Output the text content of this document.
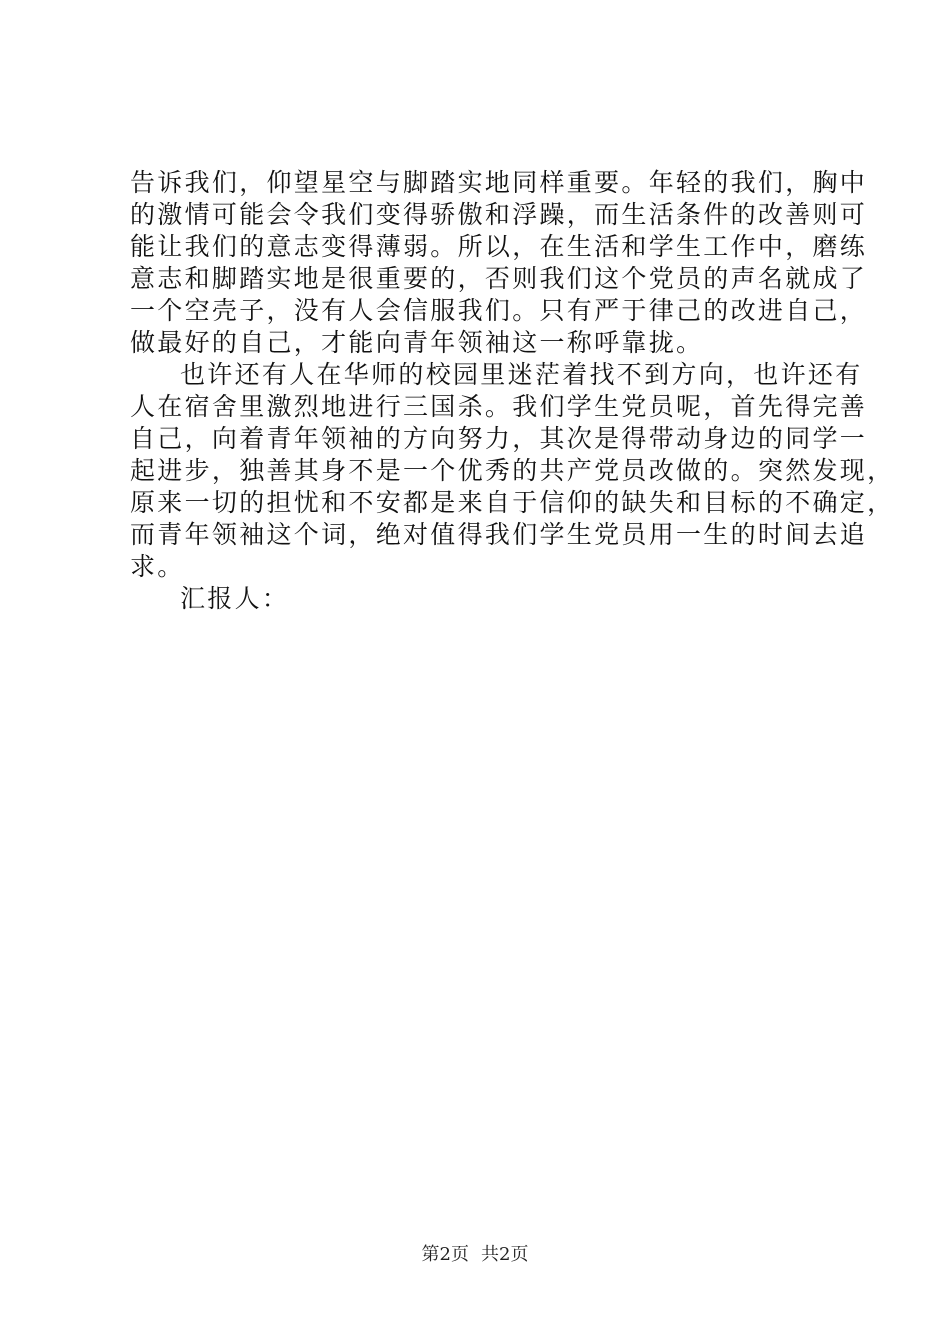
告诉我们，仰望星空与脚踏实地同样重要。年轻的我们，胸中
的激情可能会令我们变得骄傲和浮躁，而生活条件的改善则可
能让我们的意志变得薄弱。所以，在生活和学生工作中，磨练
意志和脚踏实地是很重要的，否则我们这个党员的声名就成了
一个空壳子，没有人会信服我们。只有严于律己的改进自己，
做最好的自己，才能向青年领袖这一称呼靠拢。
也许还有人在华师的校园里迷茫着找不到方向，也许还有
人在宿舍里激烈地进行三国杀。我们学生党员呢，首先得完善
自己，向着青年领袖的方向努力，其次是得带动身边的同学一
起进步，独善其身不是一个优秀的共产党员改做的。突然发现，
原来一切的担忧和不安都是来自于信仰的缺失和目标的不确定，
而青年领袖这个词，绝对值得我们学生党员用一生的时间去追
求。
汇报人：
第2页 共2页
